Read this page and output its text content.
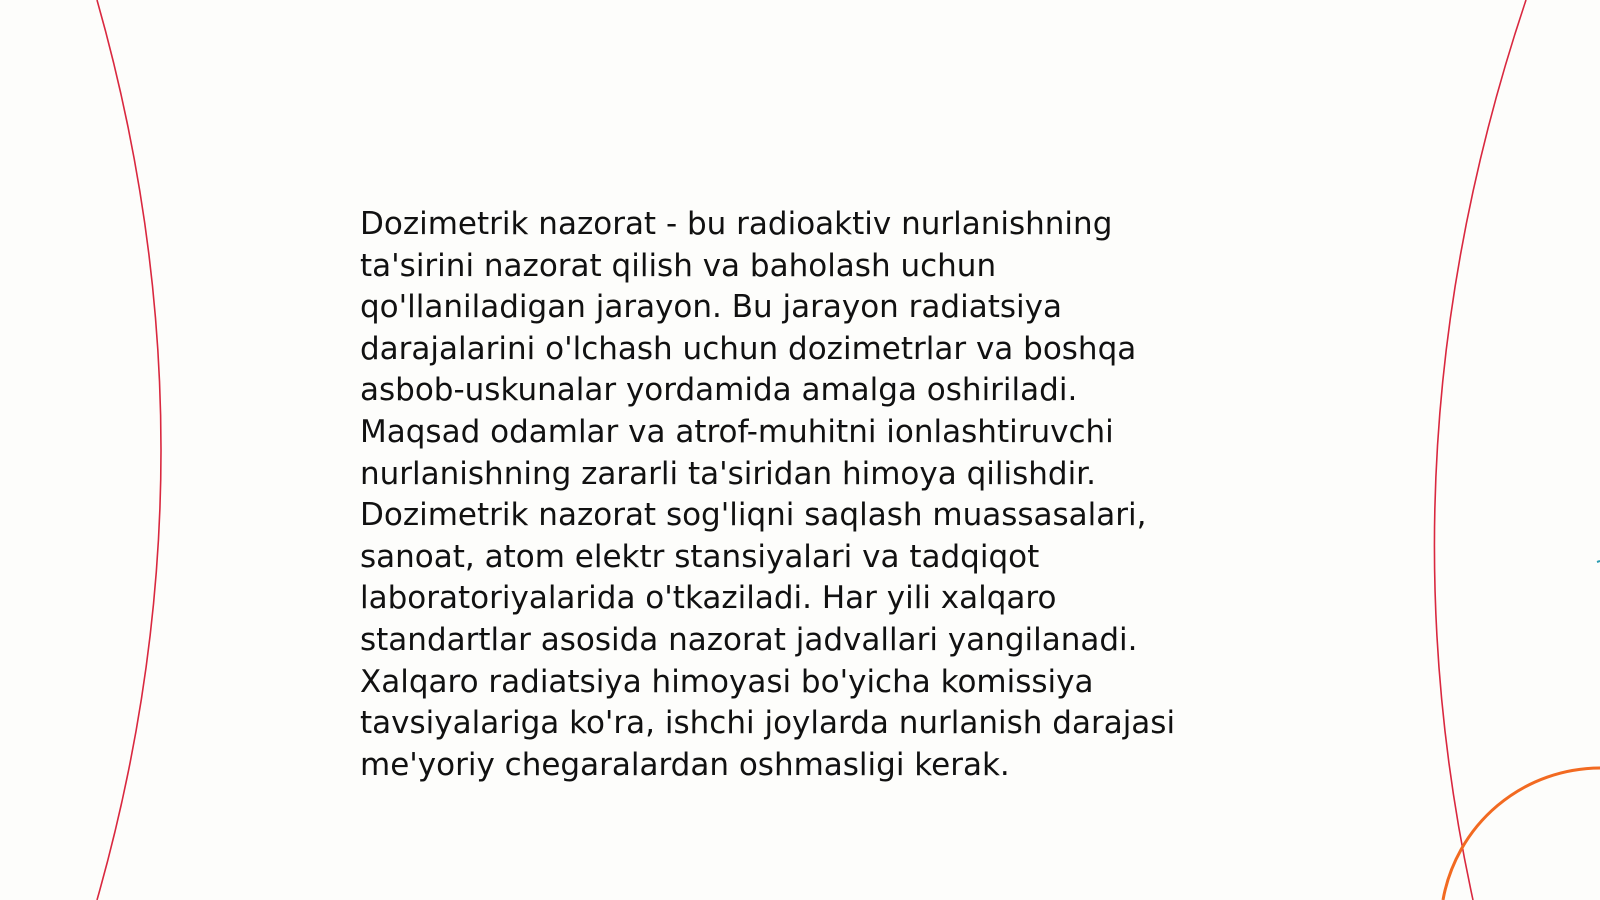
Dozimetrik nazorat - bu radioaktiv nurlanishning
ta'sirini nazorat qilish va baholash uchun
qo'llaniladigan jarayon. Bu jarayon radiatsiya
darajalarini o'lchash uchun dozimetrlar va boshqa
asbob-uskunalar yordamida amalga oshiriladi.
Maqsad odamlar va atrof-muhitni ionlashtiruvchi
nurlanishning zararli ta'siridan himoya qilishdir.
Dozimetrik nazorat sog'liqni saqlash muassasalari,
sanoat, atom elektr stansiyalari va tadqiqot
laboratoriyalarida o'tkaziladi. Har yili xalqaro
standartlar asosida nazorat jadvallari yangilanadi.
Xalqaro radiatsiya himoyasi bo'yicha komissiya
tavsiyalariga ko'ra, ishchi joylarda nurlanish darajasi
me'yoriy chegaralardan oshmasligi kerak.
